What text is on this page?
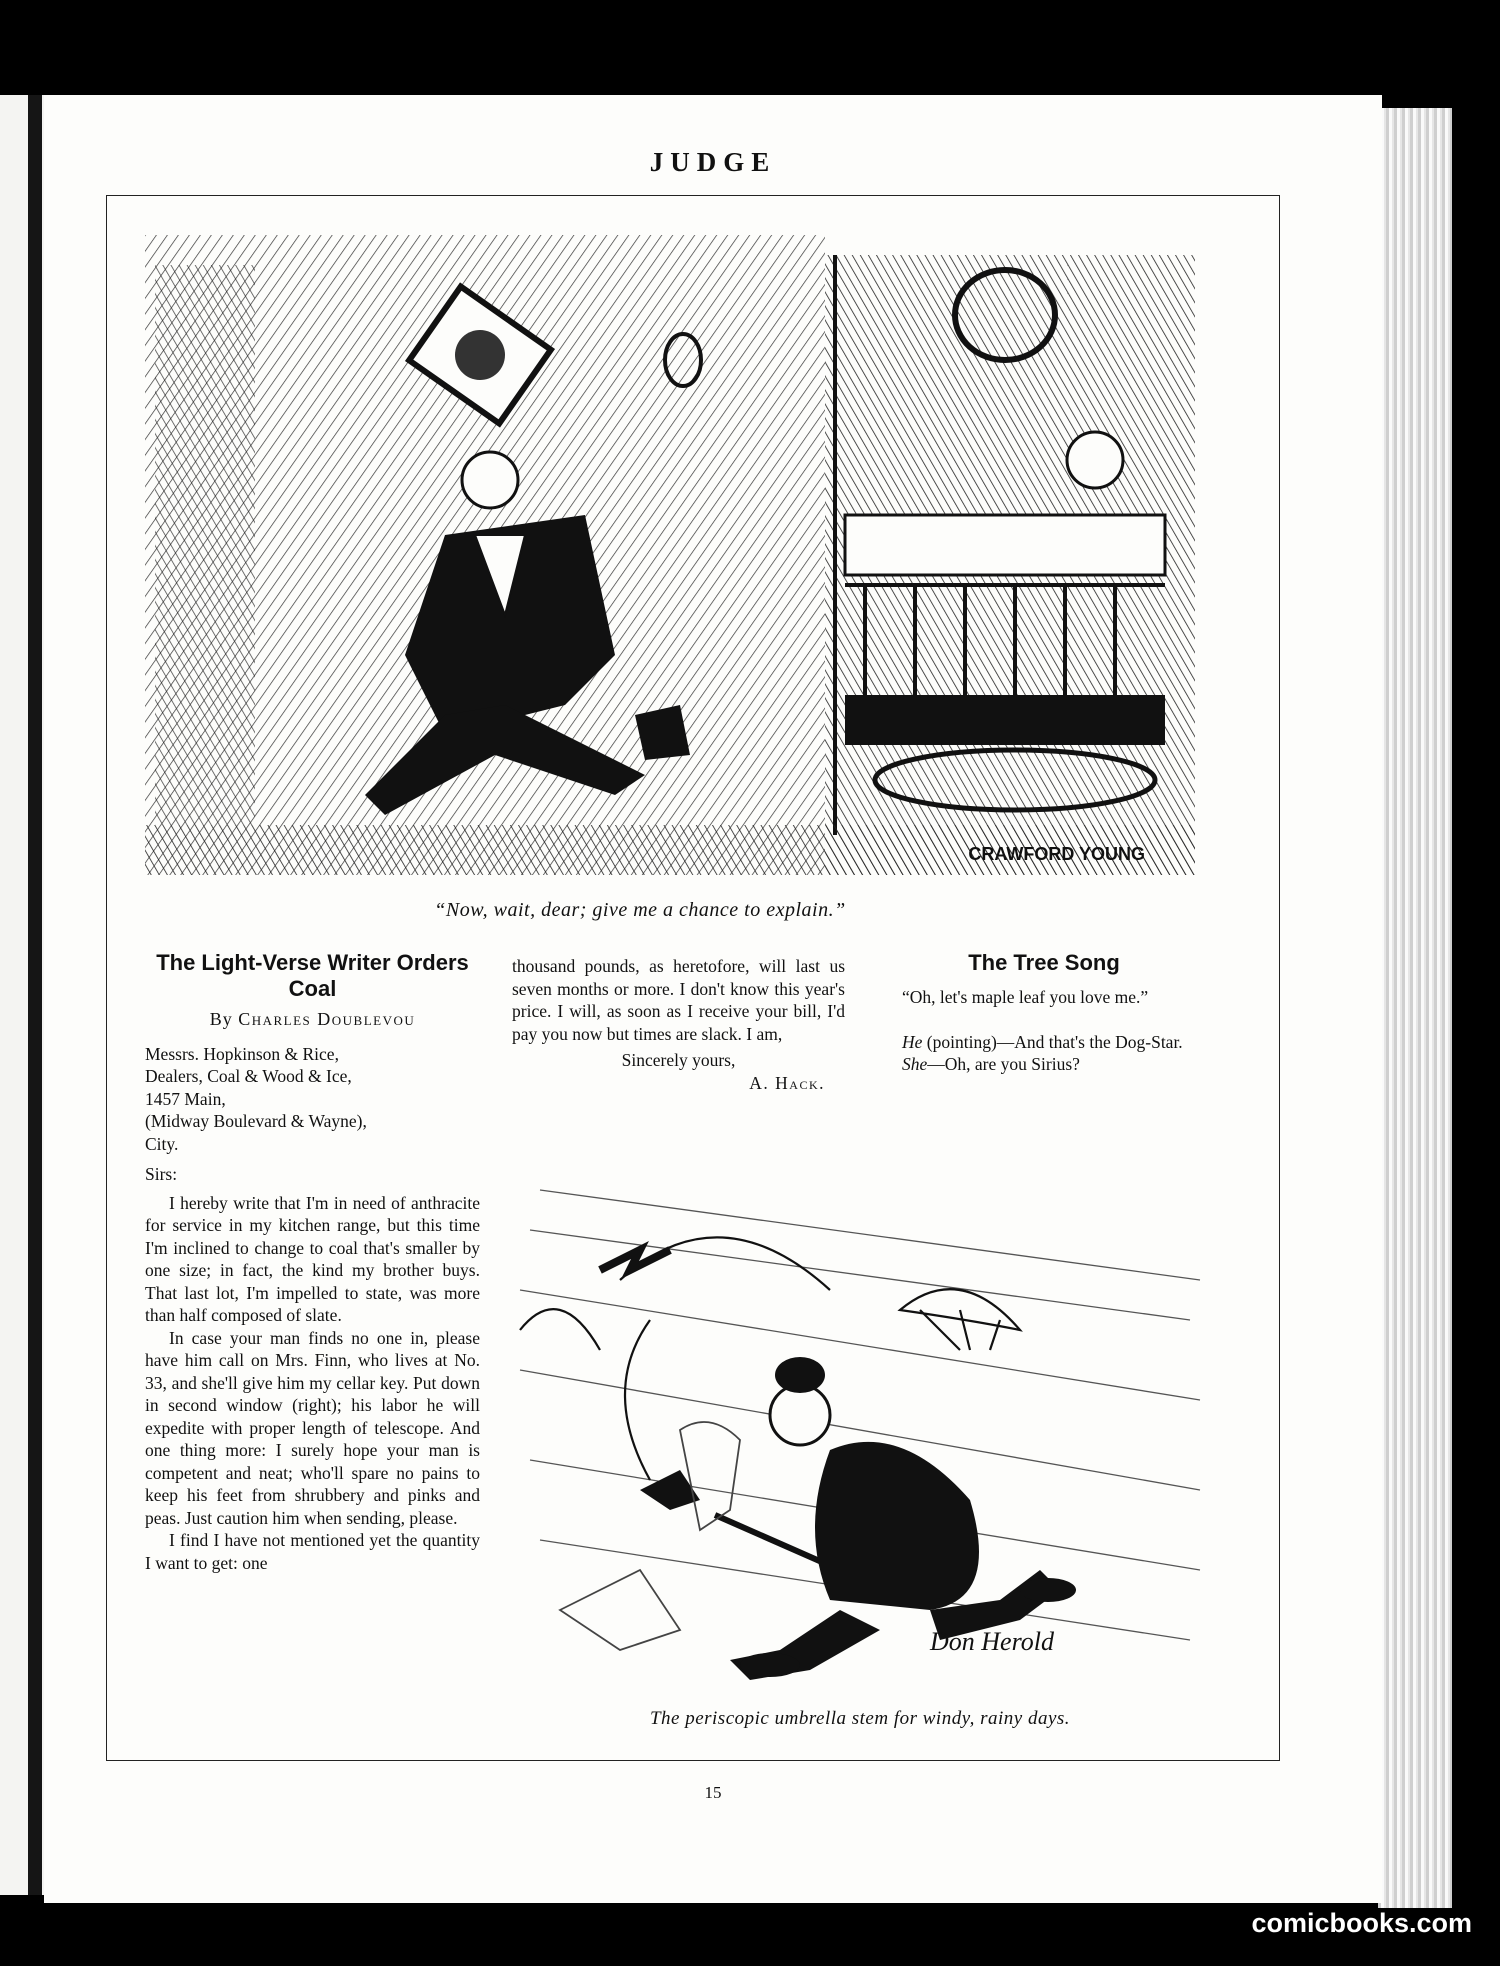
JUDGE
15
CRAWFORD YOUNG
“Now, wait, dear; give me a chance to explain.”
The Light-Verse Writer Orders Coal
By Charles Doublevou
Messrs. Hopkinson & Rice,
Dealers, Coal & Wood & Ice,
1457 Main,
(Midway Boulevard & Wayne),
City.

Sirs:

I hereby write that I'm in need of anthracite for service in my kitchen range, but this time I'm inclined to change to coal that's smaller by one size; in fact, the kind my brother buys. That last lot, I'm impelled to state, was more than half composed of slate.

In case your man finds no one in, please have him call on Mrs. Finn, who lives at No. 33, and she'll give him my cellar key. Put down in second window (right); his labor he will expedite with proper length of telescope. And one thing more: I surely hope your man is competent and neat; who'll spare no pains to keep his feet from shrubbery and pinks and peas. Just caution him when sending, please.

I find I have not mentioned yet the quantity I want to get: one

thousand pounds, as heretofore, will last us seven months or more. I don't know this year's price. I will, as soon as I receive your bill, I'd pay you now but times are slack. I am,

Sincerely yours,

A. Hack.

The Tree Song

“Oh, let's maple leaf you love me.”

He (pointing)—And that's the Dog-Star.

She—Oh, are you Sirius?

Don Herold
The periscopic umbrella stem for windy, rainy days.
comicbooks.com
